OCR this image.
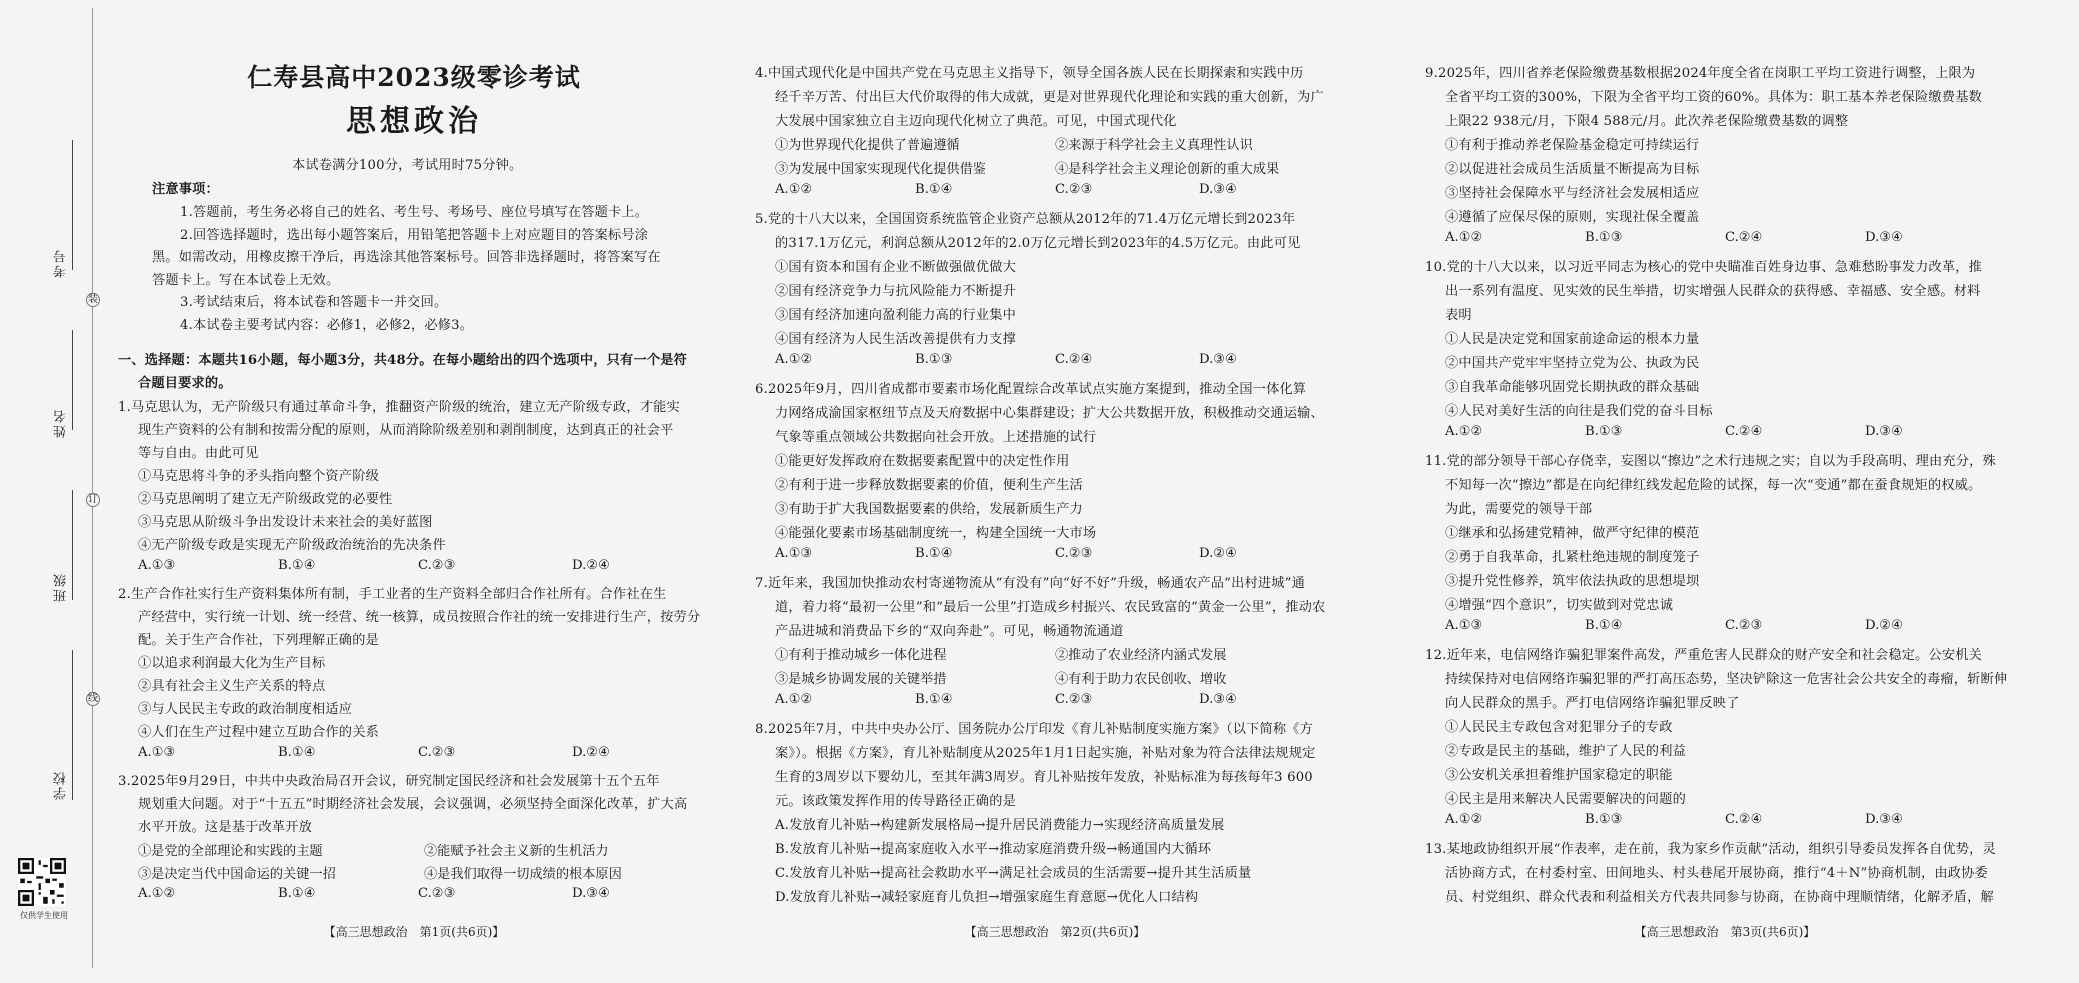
考号
姓名
班级
学校
装
订
线
仅供学生使用
仁寿县高中2023级零诊考试
思想政治
本试卷满分100分，考试用时75分钟。
注意事项：
1.答题前，考生务必将自己的姓名、考生号、考场号、座位号填写在答题卡上。
2.回答选择题时，选出每小题答案后，用铅笔把答题卡上对应题目的答案标号涂
黑。如需改动，用橡皮擦干净后，再选涂其他答案标号。回答非选择题时，将答案写在
答题卡上。写在本试卷上无效。
3.考试结束后，将本试卷和答题卡一并交回。
4.本试卷主要考试内容：必修1，必修2，必修3。
一、选择题：本题共16小题，每小题3分，共48分。在每小题给出的四个选项中，只有一个是符
合题目要求的。
1.马克思认为，无产阶级只有通过革命斗争，推翻资产阶级的统治，建立无产阶级专政，才能实
现生产资料的公有制和按需分配的原则，从而消除阶级差别和剥削制度，达到真正的社会平
等与自由。由此可见
①马克思将斗争的矛头指向整个资产阶级
②马克思阐明了建立无产阶级政党的必要性
③马克思从阶级斗争出发设计未来社会的美好蓝图
④无产阶级专政是实现无产阶级政治统治的先决条件
A.①③	B.①④	C.②③	D.②④
2.生产合作社实行生产资料集体所有制，手工业者的生产资料全部归合作社所有。合作社在生
产经营中，实行统一计划、统一经营、统一核算，成员按照合作社的统一安排进行生产，按劳分
配。关于生产合作社，下列理解正确的是
①以追求利润最大化为生产目标
②具有社会主义生产关系的特点
③与人民民主专政的政治制度相适应
④人们在生产过程中建立互助合作的关系
A.①③	B.①④	C.②③	D.②④
3.2025年9月29日，中共中央政治局召开会议，研究制定国民经济和社会发展第十五个五年
规划重大问题。对于“十五五”时期经济社会发展，会议强调，必须坚持全面深化改革，扩大高
水平开放。这是基于改革开放
①是党的全部理论和实践的主题	②能赋予社会主义新的生机活力
③是决定当代中国命运的关键一招	④是我们取得一切成绩的根本原因
A.①②	B.①④	C.②③	D.③④
【高三思想政治　第1页(共6页)】
4.中国式现代化是中国共产党在马克思主义指导下，领导全国各族人民在长期探索和实践中历
经千辛万苦、付出巨大代价取得的伟大成就，更是对世界现代化理论和实践的重大创新，为广
大发展中国家独立自主迈向现代化树立了典范。可见，中国式现代化
①为世界现代化提供了普遍遵循	②来源于科学社会主义真理性认识
③为发展中国家实现现代化提供借鉴	④是科学社会主义理论创新的重大成果
A.①②	B.①④	C.②③	D.③④
5.党的十八大以来，全国国资系统监管企业资产总额从2012年的71.4万亿元增长到2023年
的317.1万亿元，利润总额从2012年的2.0万亿元增长到2023年的4.5万亿元。由此可见
①国有资本和国有企业不断做强做优做大
②国有经济竞争力与抗风险能力不断提升
③国有经济加速向盈利能力高的行业集中
④国有经济为人民生活改善提供有力支撑
A.①②	B.①③	C.②④	D.③④
6.2025年9月，四川省成都市要素市场化配置综合改革试点实施方案提到，推动全国一体化算
力网络成渝国家枢纽节点及天府数据中心集群建设；扩大公共数据开放，积极推动交通运输、
气象等重点领域公共数据向社会开放。上述措施的试行
①能更好发挥政府在数据要素配置中的决定性作用
②有利于进一步释放数据要素的价值，便利生产生活
③有助于扩大我国数据要素的供给，发展新质生产力
④能强化要素市场基础制度统一，构建全国统一大市场
A.①③	B.①④	C.②③	D.②④
7.近年来，我国加快推动农村寄递物流从“有没有”向“好不好”升级，畅通农产品“出村进城”通
道，着力将“最初一公里”和“最后一公里”打造成乡村振兴、农民致富的“黄金一公里”，推动农
产品进城和消费品下乡的“双向奔赴”。可见，畅通物流通道
①有利于推动城乡一体化进程	②推动了农业经济内涵式发展
③是城乡协调发展的关键举措	④有利于助力农民创收、增收
A.①②	B.①④	C.②③	D.③④
8.2025年7月，中共中央办公厅、国务院办公厅印发《育儿补贴制度实施方案》（以下简称《方
案》）。根据《方案》，育儿补贴制度从2025年1月1日起实施，补贴对象为符合法律法规规定
生育的3周岁以下婴幼儿，至其年满3周岁。育儿补贴按年发放，补贴标准为每孩每年3 600
元。该政策发挥作用的传导路径正确的是
A.发放育儿补贴→构建新发展格局→提升居民消费能力→实现经济高质量发展
B.发放育儿补贴→提高家庭收入水平→推动家庭消费升级→畅通国内大循环
C.发放育儿补贴→提高社会救助水平→满足社会成员的生活需要→提升其生活质量
D.发放育儿补贴→减轻家庭育儿负担→增强家庭生育意愿→优化人口结构
【高三思想政治　第2页(共6页)】
9.2025年，四川省养老保险缴费基数根据2024年度全省在岗职工平均工资进行调整，上限为
全省平均工资的300%，下限为全省平均工资的60%。具体为：职工基本养老保险缴费基数
上限22 938元/月，下限4 588元/月。此次养老保险缴费基数的调整
①有利于推动养老保险基金稳定可持续运行
②以促进社会成员生活质量不断提高为目标
③坚持社会保障水平与经济社会发展相适应
④遵循了应保尽保的原则，实现社保全覆盖
A.①②	B.①③	C.②④	D.③④
10.党的十八大以来，以习近平同志为核心的党中央瞄准百姓身边事、急难愁盼事发力改革，推
出一系列有温度、见实效的民生举措，切实增强人民群众的获得感、幸福感、安全感。材料
表明
①人民是决定党和国家前途命运的根本力量
②中国共产党牢牢坚持立党为公、执政为民
③自我革命能够巩固党长期执政的群众基础
④人民对美好生活的向往是我们党的奋斗目标
A.①②	B.①③	C.②④	D.③④
11.党的部分领导干部心存侥幸，妄图以“擦边”之术行违规之实；自以为手段高明、理由充分，殊
不知每一次“擦边”都是在向纪律红线发起危险的试探，每一次“变通”都在蚕食规矩的权威。
为此，需要党的领导干部
①继承和弘扬建党精神，做严守纪律的模范
②勇于自我革命，扎紧杜绝违规的制度笼子
③提升党性修养，筑牢依法执政的思想堤坝
④增强“四个意识”，切实做到对党忠诚
A.①③	B.①④	C.②③	D.②④
12.近年来，电信网络诈骗犯罪案件高发，严重危害人民群众的财产安全和社会稳定。公安机关
持续保持对电信网络诈骗犯罪的严打高压态势，坚决铲除这一危害社会公共安全的毒瘤，斩断伸
向人民群众的黑手。严打电信网络诈骗犯罪反映了
①人民民主专政包含对犯罪分子的专政
②专政是民主的基础，维护了人民的利益
③公安机关承担着维护国家稳定的职能
④民主是用来解决人民需要解决的问题的
A.①②	B.①③	C.②④	D.③④
13.某地政协组织开展“作表率，走在前，我为家乡作贡献”活动，组织引导委员发挥各自优势，灵
活协商方式，在村委村室、田间地头、村头巷尾开展协商，推行“4＋N”协商机制，由政协委
员、村党组织、群众代表和利益相关方代表共同参与协商，在协商中理顺情绪，化解矛盾，解
【高三思想政治　第3页(共6页)】
